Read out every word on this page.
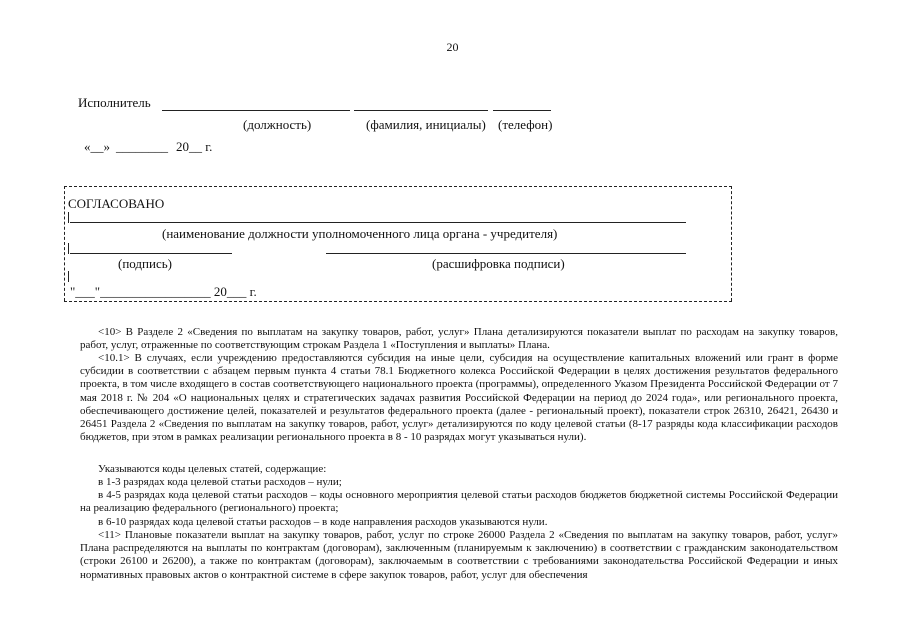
20
Исполнитель
(должность)	(фамилия, инициалы) (телефон)
«__» ________ 20__ г.
СОГЛАСОВАНО
(наименование должности уполномоченного лица органа - учредителя)
(подпись)	(расшифровка подписи)
"___"_________________ 20___ г.

<10> В Разделе 2 «Сведения по выплатам на закупку товаров, работ, услуг» Плана детализируются показатели выплат по расходам на закупку товаров, работ, услуг, отраженные по соответствующим строкам Раздела 1 «Поступления и выплаты» Плана.

<10.1> В случаях, если учреждению предоставляются субсидия на иные цели, субсидия на осуществление капитальных вложений или грант в форме субсидии в соответствии с абзацем первым пункта 4 статьи 78.1 Бюджетного колекса Российской Федерации в целях достижения результатов федерального проекта, в том числе входящего в состав соответствующего национального проекта (программы), определенного Указом Президента Российской Федерации от 7 мая 2018 г. № 204 «О национальных целях и стратегических задачах развития Российской Федерации на период до 2024 года», или регионального проекта, обеспечивающего достижение целей, показателей и результатов федерального проекта (далее - региональный проект), показатели строк 26310, 26421, 26430 и 26451 Раздела 2 «Сведения по выплатам на закупку товаров, работ, услуг» детализируются по коду целевой статьи (8-17 разряды кода классификации расходов бюджетов, при этом в рамках реализации регионального проекта в 8 - 10 разрядах могут указываться нули).

Указываются коды целевых статей, содержащие:

в 1-3 разрядах кода целевой статьи расходов – нули;

в 4-5 разрядах кода целевой статьи расходов – коды основного мероприятия целевой статьи расходов бюджетов бюджетной системы Российской Федерации на реализацию федерального (регионального) проекта;

в 6-10 разрядах кода целевой статьи расходов – в коде направления расходов указываются нули.

<11> Плановые показатели выплат на закупку товаров, работ, услуг по строке 26000 Раздела 2 «Сведения по выплатам на закупку товаров, работ, услуг» Плана распределяются на выплаты по контрактам (договорам), заключенным (планируемым к заключению) в соответствии с гражданским законодательством (строки 26100 и 26200), а также по контрактам (договорам), заключаемым в соответствии с требованиями законодательства Российской Федерации и иных нормативных правовых актов о контрактной системе в сфере закупок товаров, работ, услуг для обеспечения
